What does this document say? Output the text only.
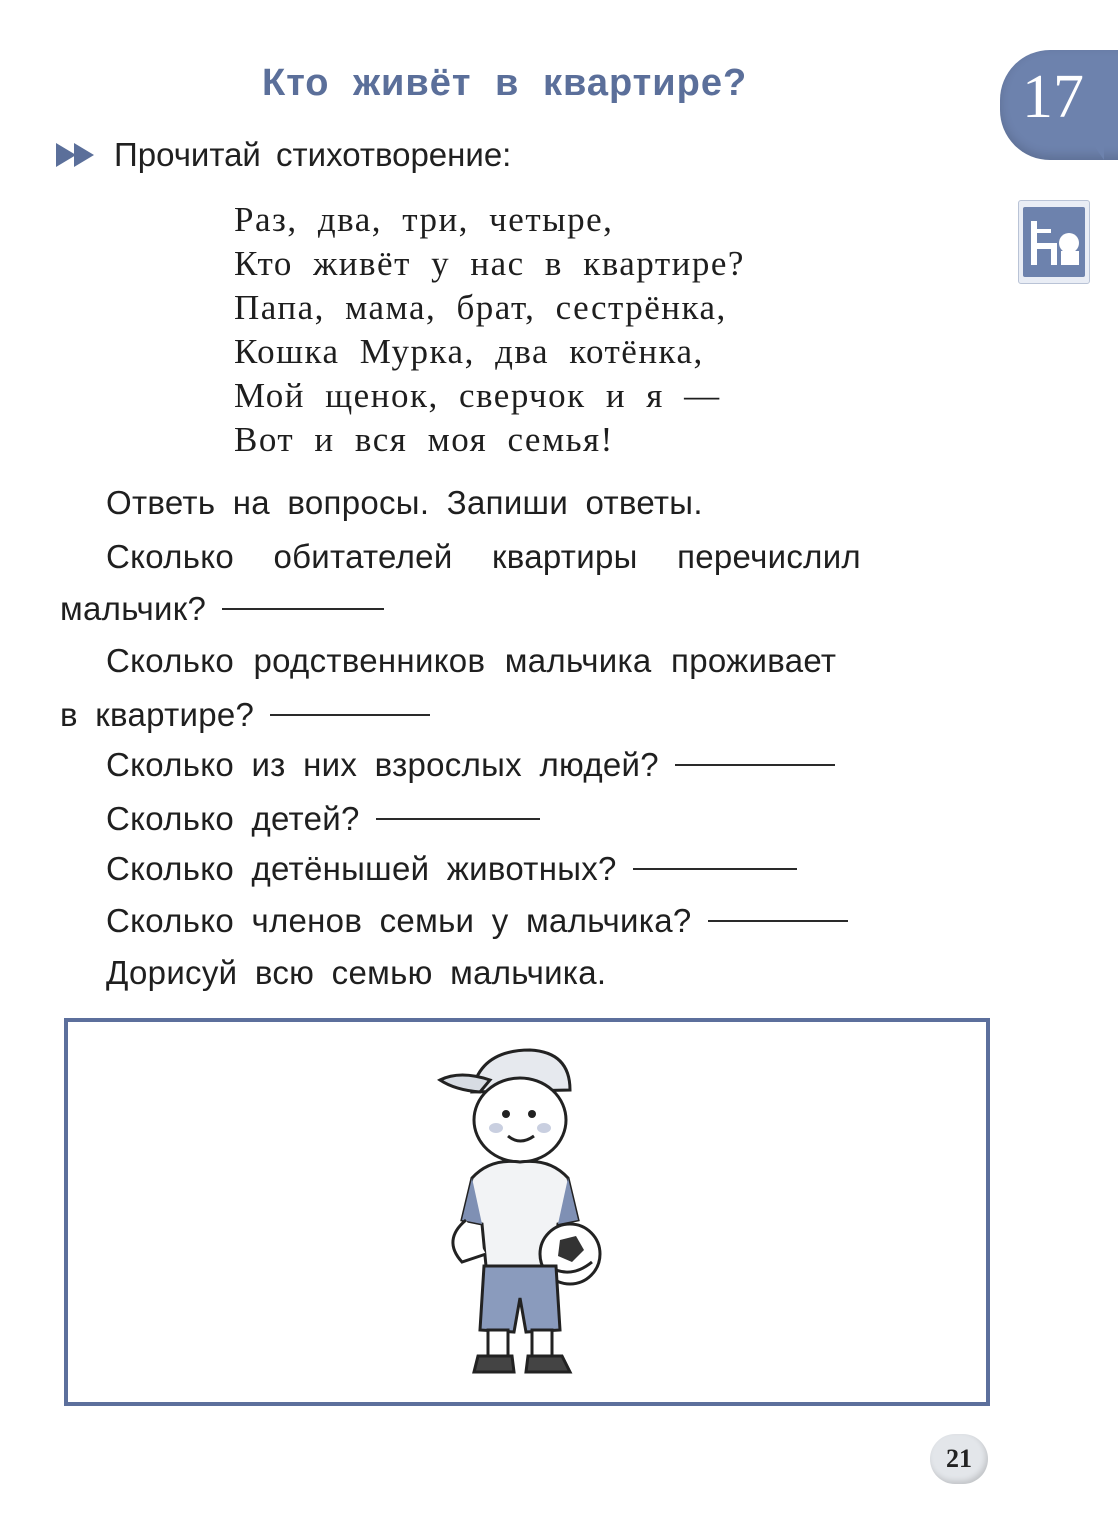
Кто живёт в квартире?	17
Прочитай стихотворение:
Раз, два, три, четыре,
Кто живёт у нас в квартире?
Папа, мама, брат, сестрёнка,
Кошка Мурка, два котёнка,
Мой щенок, сверчок и я —
Вот и вся моя семья!
Ответь на вопросы. Запиши ответы.
Сколько обитателей квартиры перечислил
мальчик?
Сколько родственников мальчика проживает
в квартире?
Сколько из них взрослых людей?
Сколько детей?
Сколько детёнышей животных?
Сколько членов семьи у мальчика?
Дорисуй всю семью мальчика.
21
